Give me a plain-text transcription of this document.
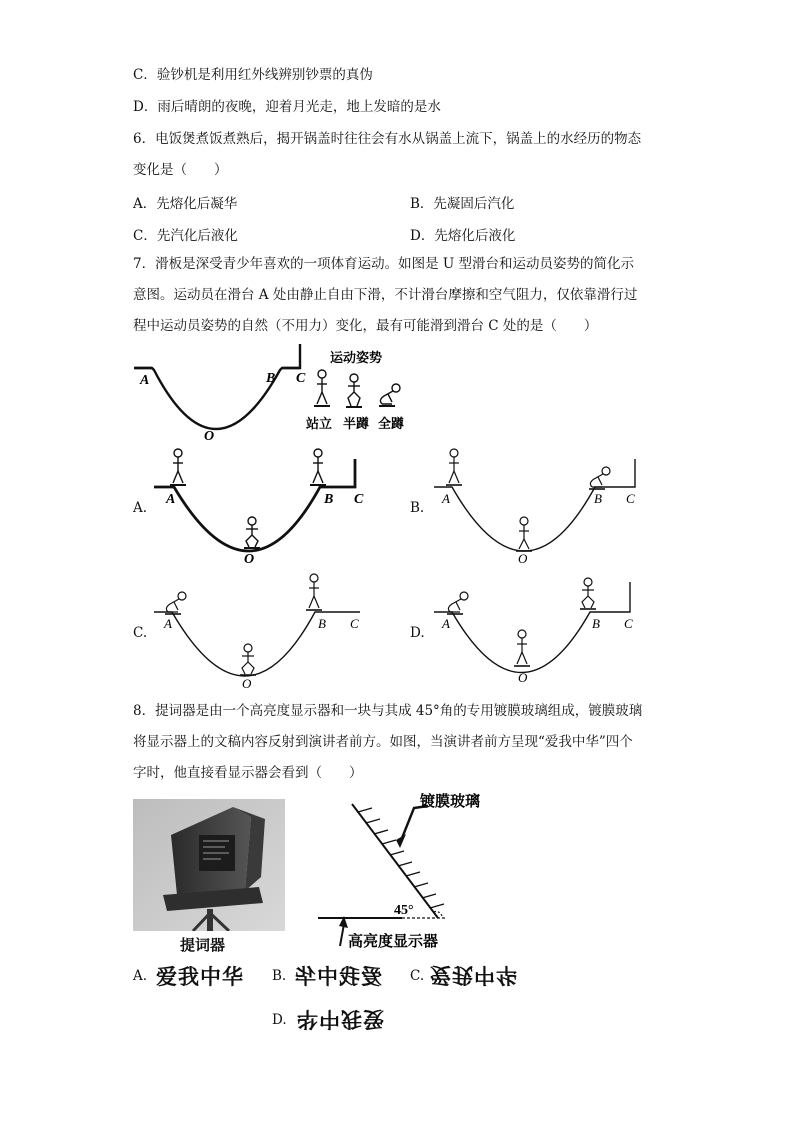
C．验钞机是利用红外线辨别钞票的真伪
D．雨后晴朗的夜晚，迎着月光走，地上发暗的是水
6．电饭煲煮饭煮熟后，揭开锅盖时往往会有水从锅盖上流下，锅盖上的水经历的物态
变化是（　　）
A．先熔化后凝华	B．先凝固后汽化
C．先汽化后液化	D．先熔化后液化
7．滑板是深受青少年喜欢的一项体育运动。如图是 U 型滑台和运动员姿势的简化示
意图。运动员在滑台 A 处由静止自由下滑，不计滑台摩擦和空气阻力，仅依靠滑行过
程中运动员姿势的自然（不用力）变化，最有可能滑到滑台 C 处的是（　　）
A	B C
O
运动姿势
站立 半蹲 全蹲
A.
A	B C
O
B.
A	B C
O
C.
A	B C
O
D.
A	B C
O
8．提词器是由一个高亮度显示器和一块与其成 45°角的专用镀膜玻璃组成，镀膜玻璃
将显示器上的文稿内容反射到演讲者前方。如图，当演讲者前方呈现“爱我中华”四个
字时，他直接看显示器会看到（　　）
提词器
镀膜玻璃
45°
高亮度显示器
A. 爱我中华 B. 爱我中华 C. 爱我中华
D. 爱我中华
